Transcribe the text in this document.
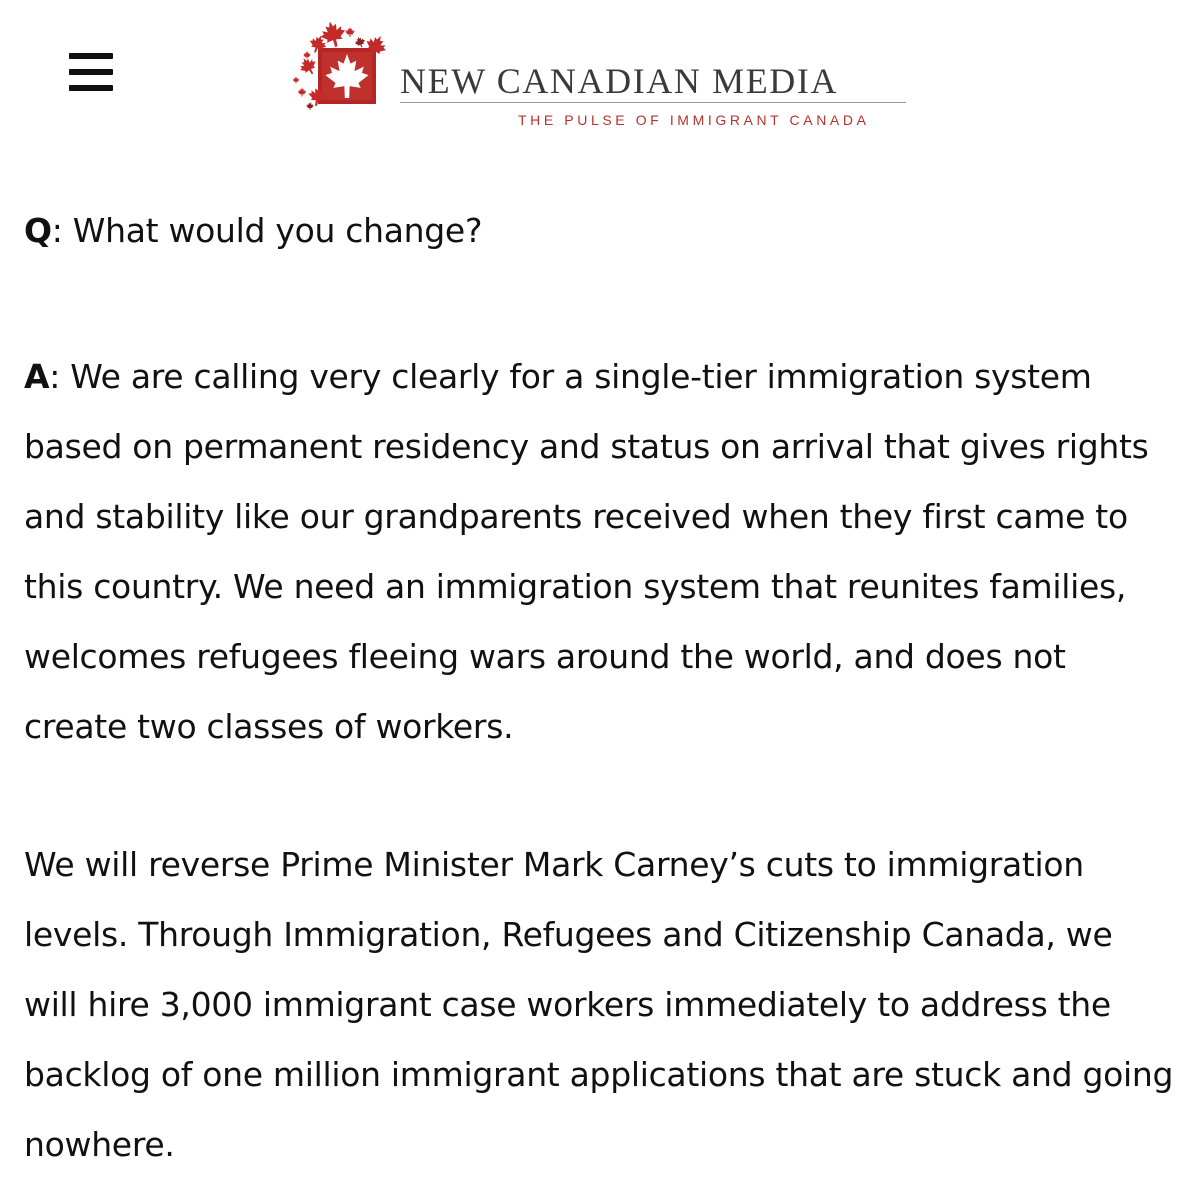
NEW CANADIAN MEDIA
THE PULSE OF IMMIGRANT CANADA

Q: What would you change?

A: We are calling very clearly for a single-tier immigration system based on permanent residency and status on arrival that gives rights and stability like our grandparents received when they first came to this country. We need an immigration system that reunites families, welcomes refugees fleeing wars around the world, and does not create two classes of workers.

We will reverse Prime Minister Mark Carney’s cuts to immigration levels. Through Immigration, Refugees and Citizenship Canada, we will hire 3,000 immigrant case workers immediately to address the backlog of one million immigrant applications that are stuck and going nowhere.
